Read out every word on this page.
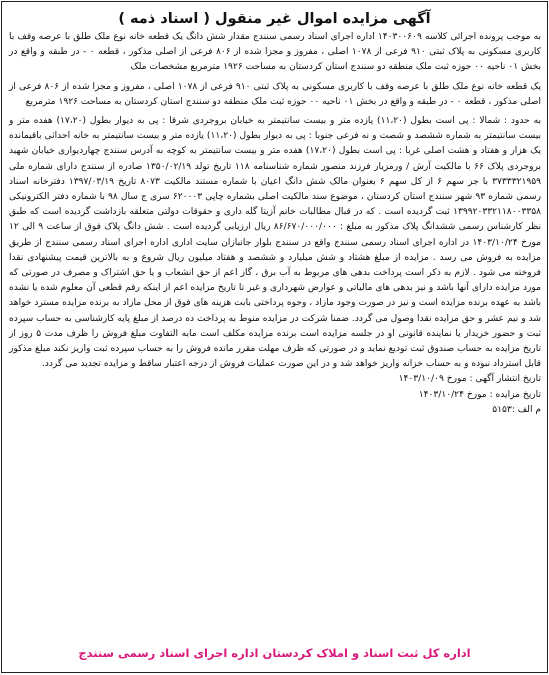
آگهی مزایده اموال غیر منقول ( اسناد ذمه )

به موجب پرونده اجرائی کلاسه ۱۴۰۳۰۰۶۰۹ اداره اجرای اسناد رسمی سنندج مقدار شش دانگ یک قطعه خانه نوع ملک طلق با عرصه وقف با کاربری مسکونی به پلاک ثبتی ۹۱۰ فرعی از ۱۰۷۸ اصلی ، مفروز و مجزا شده از ۸۰۶ فرعی از اصلی مذکور ، قطعه ۰ - در طبقه و واقع در بخش ۰۱ ناحیه ۰۰ حوزه ثبت ملک منطقه دو سنندج استان کردستان به مساحت ۱۹۲۶ مترمربع مشخصات ملک

یک قطعه خانه نوع ملک طلق با عرصه وقف با کاربری مسکونی به پلاک ثبتی ۹۱۰ فرعی از ۱۰۷۸ اصلی ، مفروز و مجزا شده از ۸۰۶ فرعی از اصلی مذکور ، قطعه ۰ - در طبقه و واقع در بخش ۰۱ ناحیه ۰۰ حوزه ثبت ملک منطقه دو سنندج استان کردستان به مساحت ۱۹۲۶ مترمربع

به حدود : شمالا : پی است بطول (۱۱،۲۰) یازده متر و بیست سانتیمتر به خیابان بروجردی شرقا : پی به دیوار بطول (۱۷،۲۰) هفده متر و بیست سانتیمتر به شماره ششصد و شصت و نه فرعی جنوبا : پی به دیوار بطول (۱۱،۲۰) یازده متر و بیست سانتیمتر به خانه احداثی باقیمانده یک هزار و هفتاد و هشت اصلی غربا : پی است بطول (۱۷،۲۰) هفده متر و بیست سانتیمتر به کوچه به آدرس سنندج چهاردیواری خیابان شهید بروجردی پلاک ۶۶ با مالکیت آرش / ورمزیار فرزند منصور شماره شناسنامه ۱۱۸ تاریخ تولد ۱۳۵۰/۰۲/۱۹ صادره از سنندج دارای شماره ملی ۳۷۳۳۳۲۱۹۵۹ با جز سهم ۶ از کل سهم ۶ بعنوان مالک شش دانگ اعیان با شماره مستند مالکیت ۸۰۷۳ تاریخ ۱۳۹۷/۰۳/۱۹ دفترخانه اسناد رسمی شماره ۹۳ شهر سنندج استان کردستان ، موضوع سند مالکیت اصلی بشماره چاپی ۶۲۰۰۰۳ سری ج سال ۹۸ با شماره دفتر الکترونیکی ۱۳۹۹۲۰۳۳۲۱۱۸۰۰۳۳۵۸ ثبت گردیده است . که در قبال مطالبات خانم آزیتا گله داری و حقوقات دولتی متعلقه بازداشت گردیده است که طبق نظر کارشناس رسمی ششدانگ پلاک مذکور به مبلغ : ۸۶/۶۷۰/۰۰۰/۰۰۰ ریال ارزیابی گردیده است . شش دانگ پلاک فوق از ساعت ۹ الی ۱۲ مورخ ۱۴۰۳/۱۰/۲۴ در اداره اجرای اسناد رسمی سنندج واقع در سنندج بلوار جانبازان سایت اداری اداره اجرای اسناد رسمی سنندج از طریق مزایده به فروش می رسد . مزایده از مبلغ هشتاد و شش میلیارد و ششصد و هفتاد میلیون ریال شروع و به بالاترین قیمت پیشنهادی نقدا فروخته می شود . لازم به ذکر است پرداخت بدهی های مربوط به آب برق ، گاز اعم از حق انشعاب و یا حق اشتراک و مصرف در صورتی که مورد مزایده دارای آنها باشد و نیز بدهی های مالیاتی و عوارض شهرداری و غیر تا تاریخ مزایده اعم از اینکه رقم قطعی آن معلوم شده یا نشده باشد به عهده برنده مزایده است و نیز در صورت وجود مازاد ، وجوه پرداختی بابت هزینه های فوق از محل مازاد به برنده مزایده مسترد خواهد شد و نیم عشر و حق مزایده نقدا وصول می گردد. ضمنا شرکت در مزایده منوط به پرداخت ده درصد از مبلغ پایه کارشناسی به حساب سپرده ثبت و حضور خریدار یا نماینده قانونی او در جلسه مزایده است برنده مزایده مکلف است مابه التفاوت مبلغ فروش را ظرف مدت ۵ روز از تاریخ مزایده به حساب صندوق ثبت تودیع نماید و در صورتی که ظرف مهلت مقرر مانده فروش را به حساب سپرده ثبت واریز نکند مبلغ مذکور قابل استرداد نبوده و به حساب خزانه واریز خواهد شد و در این صورت عملیات فروش از درجه اعتبار ساقط و مزایده تجدید می گردد.

تاریخ انتشار آگهی : مورخ ۱۴۰۳/۱۰/۰۹

تاریخ مزایده : مورخ ۱۴۰۳/۱۰/۲۴

م الف :۵۱۵۳

اداره کل ثبت اسناد و املاک کردستان اداره اجرای اسناد رسمی سنندج
